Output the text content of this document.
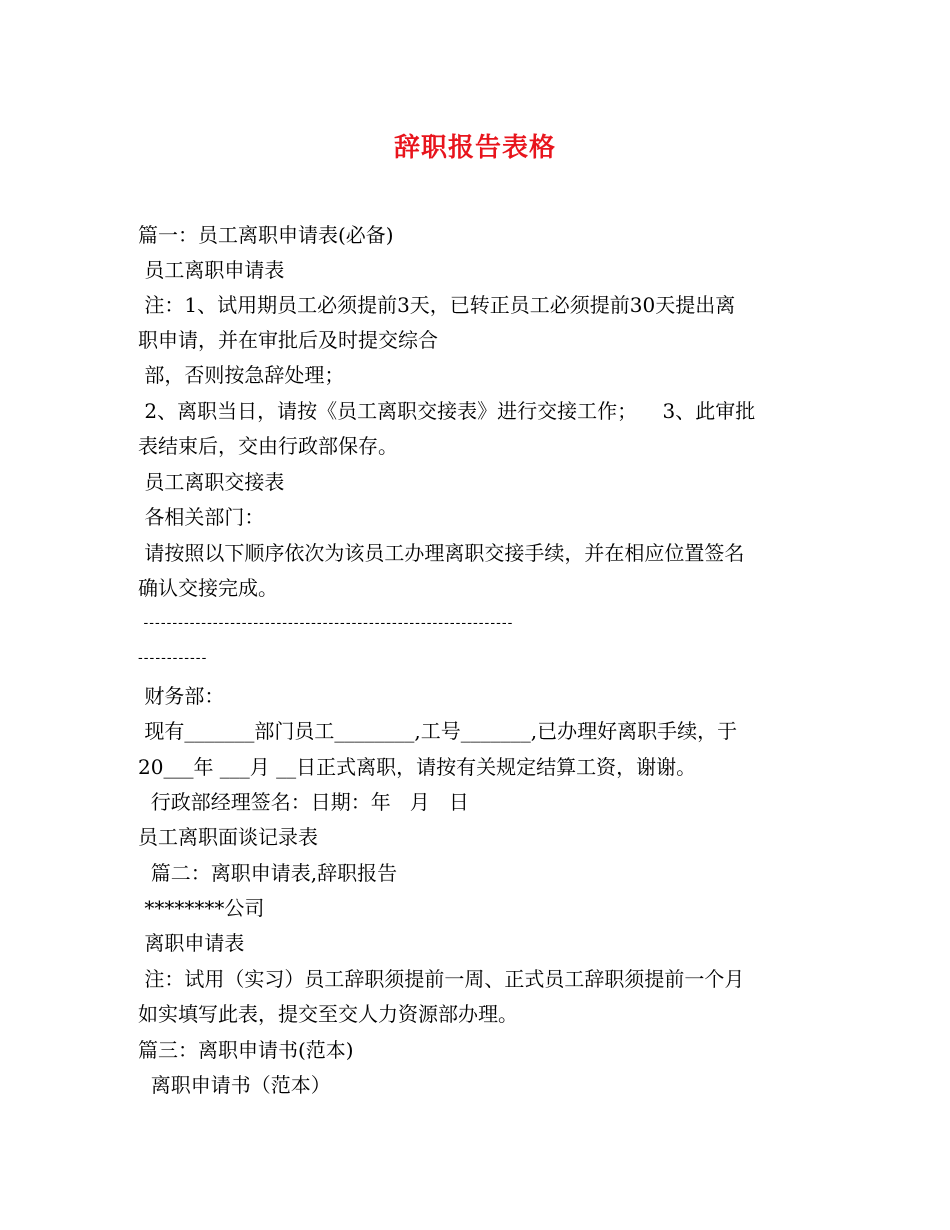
辞职报告表格
篇一：员工离职申请表(必备)
员工离职申请表
注：1、试用期员工必须提前3天，已转正员工必须提前30天提出离
职申请，并在审批后及时提交综合
部，否则按急辞处理；
2、离职当日，请按《员工离职交接表》进行交接工作；    3、此审批
表结束后，交由行政部保存。
员工离职交接表
各相关部门：
请按照以下顺序依次为该员工办理离职交接手续，并在相应位置签名
确认交接完成。
----------------------------------------------------------------
------------
财务部：
现有_______部门员工________,工号_______,已办理好离职手续，于
20___年 ___月 __日正式离职，请按有关规定结算工资，谢谢。
行政部经理签名：日期：年   月   日
员工离职面谈记录表
篇二：离职申请表,辞职报告
********公司
离职申请表
注：试用（实习）员工辞职须提前一周、正式员工辞职须提前一个月
如实填写此表，提交至交人力资源部办理。
篇三：离职申请书(范本)
离职申请书（范本）
